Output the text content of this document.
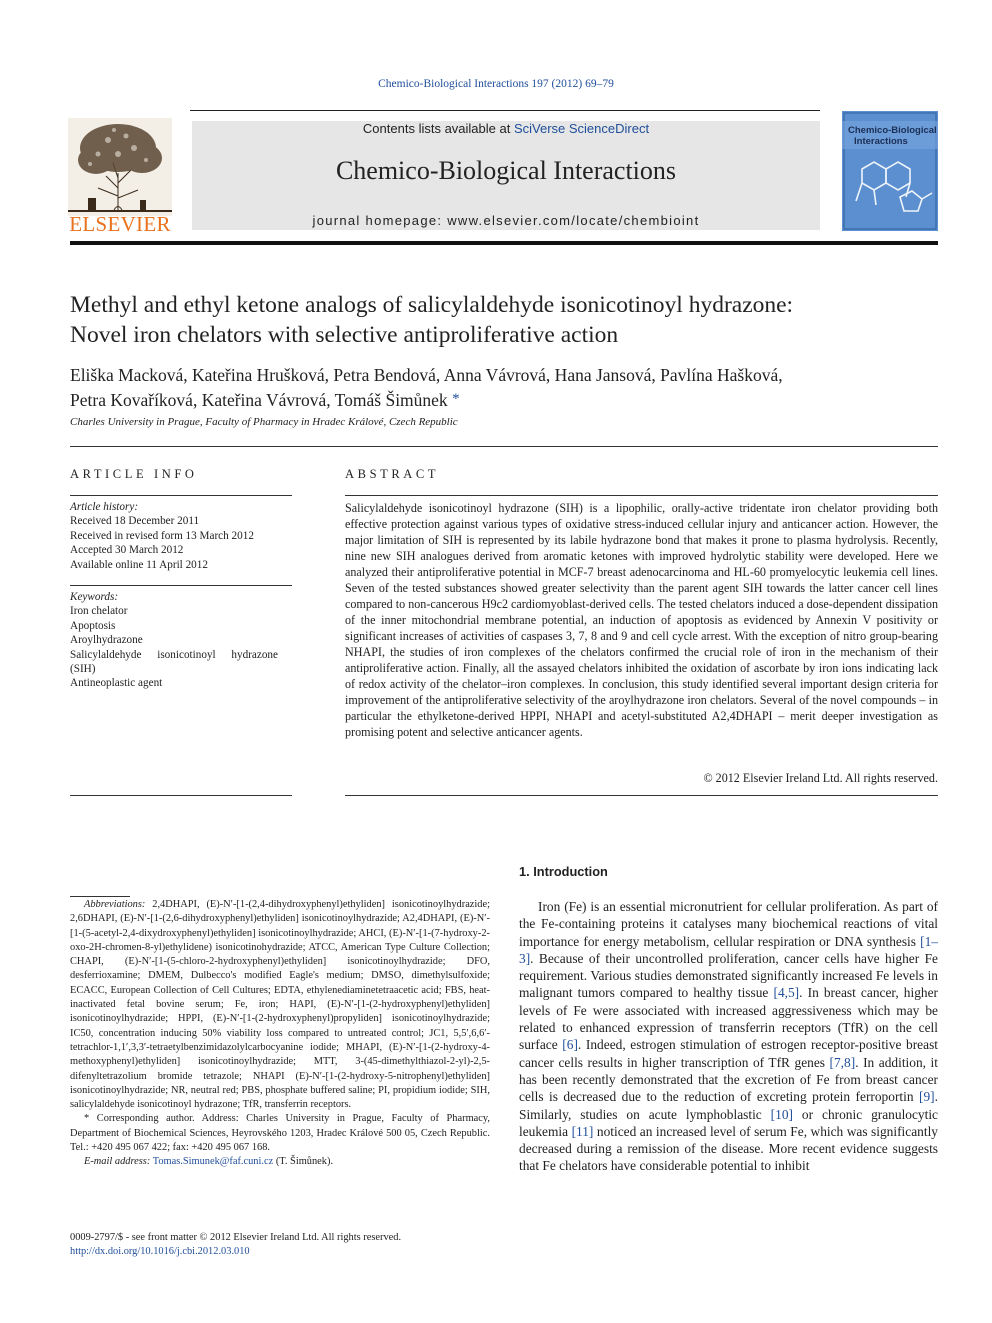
Chemico-Biological Interactions 197 (2012) 69–79
ELSEVIER
Contents lists available at SciVerse ScienceDirect
Chemico-Biological Interactions
journal homepage: www.elsevier.com/locate/chembioint
Chemico-Biological
Interactions
Methyl and ethyl ketone analogs of salicylaldehyde isonicotinoyl hydrazone:
Novel iron chelators with selective antiproliferative action
Eliška Macková, Kateřina Hrušková, Petra Bendová, Anna Vávrová, Hana Jansová, Pavlína Hašková,
Petra Kovaříková, Kateřina Vávrová, Tomáš Šimůnek *
Charles University in Prague, Faculty of Pharmacy in Hradec Králové, Czech Republic
ARTICLE INFO
Article history:
Received 18 December 2011
Received in revised form 13 March 2012
Accepted 30 March 2012
Available online 11 April 2012
Keywords:
Iron chelator
Apoptosis
Aroylhydrazone
Salicylaldehyde isonicotinoyl hydrazone (SIH)
Antineoplastic agent
ABSTRACT
Salicylaldehyde isonicotinoyl hydrazone (SIH) is a lipophilic, orally-active tridentate iron chelator providing both effective protection against various types of oxidative stress-induced cellular injury and anticancer action. However, the major limitation of SIH is represented by its labile hydrazone bond that makes it prone to plasma hydrolysis. Recently, nine new SIH analogues derived from aromatic ketones with improved hydrolytic stability were developed. Here we analyzed their antiproliferative potential in MCF-7 breast adenocarcinoma and HL-60 promyelocytic leukemia cell lines. Seven of the tested substances showed greater selectivity than the parent agent SIH towards the latter cancer cell lines compared to non-cancerous H9c2 cardiomyoblast-derived cells. The tested chelators induced a dose-dependent dissipation of the inner mitochondrial membrane potential, an induction of apoptosis as evidenced by Annexin V positivity or significant increases of activities of caspases 3, 7, 8 and 9 and cell cycle arrest. With the exception of nitro group-bearing NHAPI, the studies of iron complexes of the chelators confirmed the crucial role of iron in the mechanism of their antiproliferative action. Finally, all the assayed chelators inhibited the oxidation of ascorbate by iron ions indicating lack of redox activity of the chelator–iron complexes. In conclusion, this study identified several important design criteria for improvement of the antiproliferative selectivity of the aroylhydrazone iron chelators. Several of the novel compounds – in particular the ethylketone-derived HPPI, NHAPI and acetyl-substituted A2,4DHAPI – merit deeper investigation as promising potent and selective anticancer agents.
© 2012 Elsevier Ireland Ltd. All rights reserved.

Abbreviations: 2,4DHAPI, (E)-N′-[1-(2,4-dihydroxyphenyl)ethyliden] isonicotinoylhydrazide; 2,6DHAPI, (E)-N′-[1-(2,6-dihydroxyphenyl)ethyliden] isonicotinoylhydrazide; A2,4DHAPI, (E)-N′-[1-(5-acetyl-2,4-dixydroxyphenyl)ethyliden] isonicotinoylhydrazide; AHCI, (E)-N′-[1-(7-hydroxy-2-oxo-2H-chromen-8-yl)ethylidene) isonicotinohydrazide; ATCC, American Type Culture Collection; CHAPI, (E)-N′-[1-(5-chloro-2-hydroxyphenyl)ethyliden] isonicotinoylhydrazide; DFO, desferrioxamine; DMEM, Dulbecco's modified Eagle's medium; DMSO, dimethylsulfoxide; ECACC, European Collection of Cell Cultures; EDTA, ethylenediaminetetraacetic acid; FBS, heat-inactivated fetal bovine serum; Fe, iron; HAPI, (E)-N′-[1-(2-hydroxyphenyl)ethyliden] isonicotinoylhydrazide; HPPI, (E)-N′-[1-(2-hydroxyphenyl)propyliden] isonicotinoylhydrazide; IC50, concentration inducing 50% viability loss compared to untreated control; JC1, 5,5′,6,6′-tetrachlor-1,1′,3,3′-tetraetylbenzimidazolylcarbocyanine iodide; MHAPI, (E)-N′-[1-(2-hydroxy-4-methoxyphenyl)ethyliden] isonicotinoylhydrazide; MTT, 3-(45-dimethylthiazol-2-yl)-2,5-difenyltetrazolium bromide tetrazole; NHAPI (E)-N′-[1-(2-hydroxy-5-nitrophenyl)ethyliden] isonicotinoylhydrazide; NR, neutral red; PBS, phosphate buffered saline; PI, propidium iodide; SIH, salicylaldehyde isonicotinoyl hydrazone; TfR, transferrin receptors.

* Corresponding author. Address: Charles University in Prague, Faculty of Pharmacy, Department of Biochemical Sciences, Heyrovského 1203, Hradec Králové 500 05, Czech Republic. Tel.: +420 495 067 422; fax: +420 495 067 168.

E-mail address: Tomas.Simunek@faf.cuni.cz (T. Šimůnek).

0009-2797/$ - see front matter © 2012 Elsevier Ireland Ltd. All rights reserved.
http://dx.doi.org/10.1016/j.cbi.2012.03.010
1. Introduction
Iron (Fe) is an essential micronutrient for cellular proliferation. As part of the Fe-containing proteins it catalyses many biochemical reactions of vital importance for energy metabolism, cellular respiration or DNA synthesis [1–3]. Because of their uncontrolled proliferation, cancer cells have higher Fe requirement. Various studies demonstrated significantly increased Fe levels in malignant tumors compared to healthy tissue [4,5]. In breast cancer, higher levels of Fe were associated with increased aggressiveness which may be related to enhanced expression of transferrin receptors (TfR) on the cell surface [6]. Indeed, estrogen stimulation of estrogen receptor-positive breast cancer cells results in higher transcription of TfR genes [7,8]. In addition, it has been recently demonstrated that the excretion of Fe from breast cancer cells is decreased due to the reduction of excreting protein ferroportin [9]. Similarly, studies on acute lymphoblastic [10] or chronic granulocytic leukemia [11] noticed an increased level of serum Fe, which was significantly decreased during a remission of the disease. More recent evidence suggests that Fe chelators have considerable potential to inhibit
